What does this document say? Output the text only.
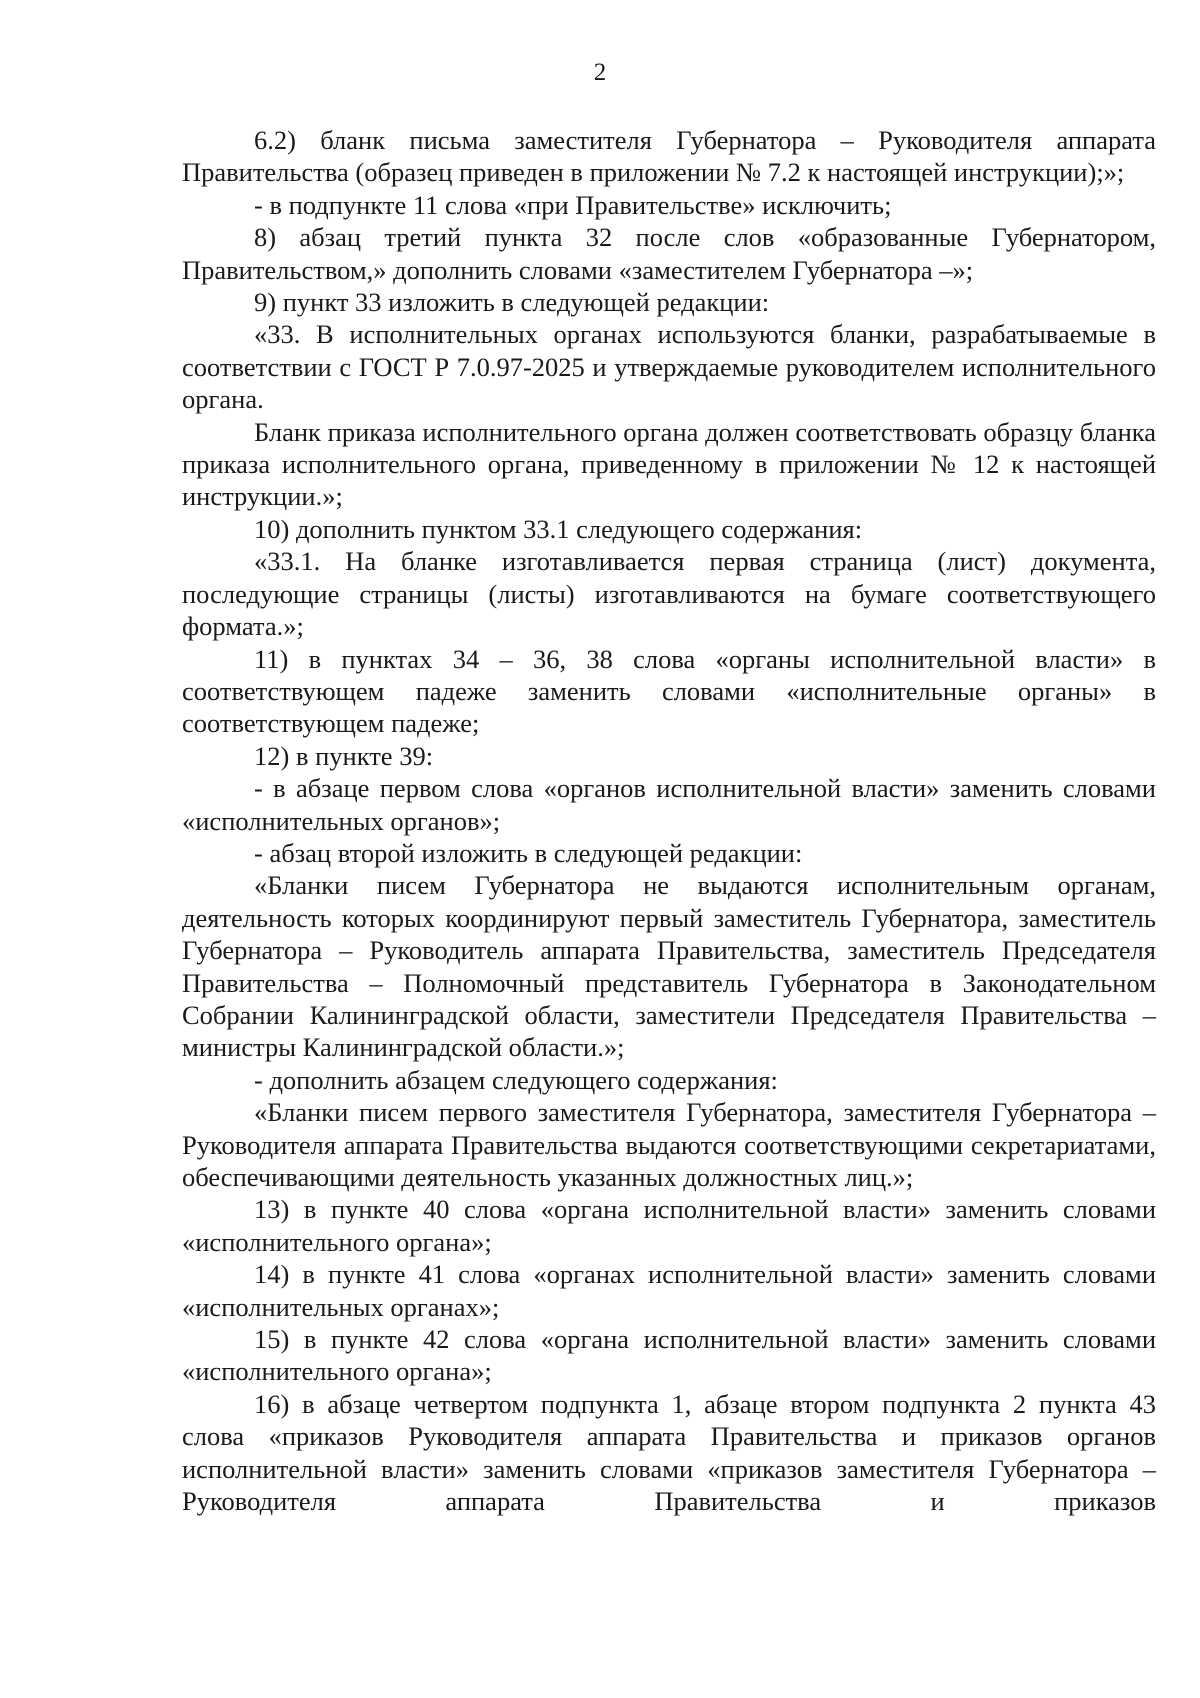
2

6.2) бланк письма заместителя Губернатора – Руководителя аппарата Правительства (образец приведен в приложении № 7.2 к настоящей инструкции);»;

- в подпункте 11 слова «при Правительстве» исключить;

8) абзац третий пункта 32 после слов «образованные Губернатором, Правительством,» дополнить словами «заместителем Губернатора –»;

9) пункт 33 изложить в следующей редакции:

«33. В исполнительных органах используются бланки, разрабатываемые в соответствии с ГОСТ Р 7.0.97-2025 и утверждаемые руководителем исполнительного органа.

Бланк приказа исполнительного органа должен соответствовать образцу бланка приказа исполнительного органа, приведенному в приложении № 12 к настоящей инструкции.»;

10) дополнить пунктом 33.1 следующего содержания:

«33.1. На бланке изготавливается первая страница (лист) документа, последующие страницы (листы) изготавливаются на бумаге соответствующего формата.»;

11) в пунктах 34 – 36, 38 слова «органы исполнительной власти» в соответствующем падеже заменить словами «исполнительные органы» в соответствующем падеже;

12) в пункте 39:

- в абзаце первом слова «органов исполнительной власти» заменить словами «исполнительных органов»;

- абзац второй изложить в следующей редакции:

«Бланки писем Губернатора не выдаются исполнительным органам, деятельность которых координируют первый заместитель Губернатора, заместитель Губернатора – Руководитель аппарата Правительства, заместитель Председателя Правительства – Полномочный представитель Губернатора в Законодательном Собрании Калининградской области, заместители Председателя Правительства – министры Калининградской области.»;

- дополнить абзацем следующего содержания:

«Бланки писем первого заместителя Губернатора, заместителя Губернатора – Руководителя аппарата Правительства выдаются соответствующими секретариатами, обеспечивающими деятельность указанных должностных лиц.»;

13) в пункте 40 слова «органа исполнительной власти» заменить словами «исполнительного органа»;

14) в пункте 41 слова «органах исполнительной власти» заменить словами «исполнительных органах»;

15) в пункте 42 слова «органа исполнительной власти» заменить словами «исполнительного органа»;

16) в абзаце четвертом подпункта 1, абзаце втором подпункта 2 пункта 43 слова «приказов Руководителя аппарата Правительства и приказов органов исполнительной власти» заменить словами «приказов заместителя Губернатора – Руководителя аппарата Правительства и приказов
